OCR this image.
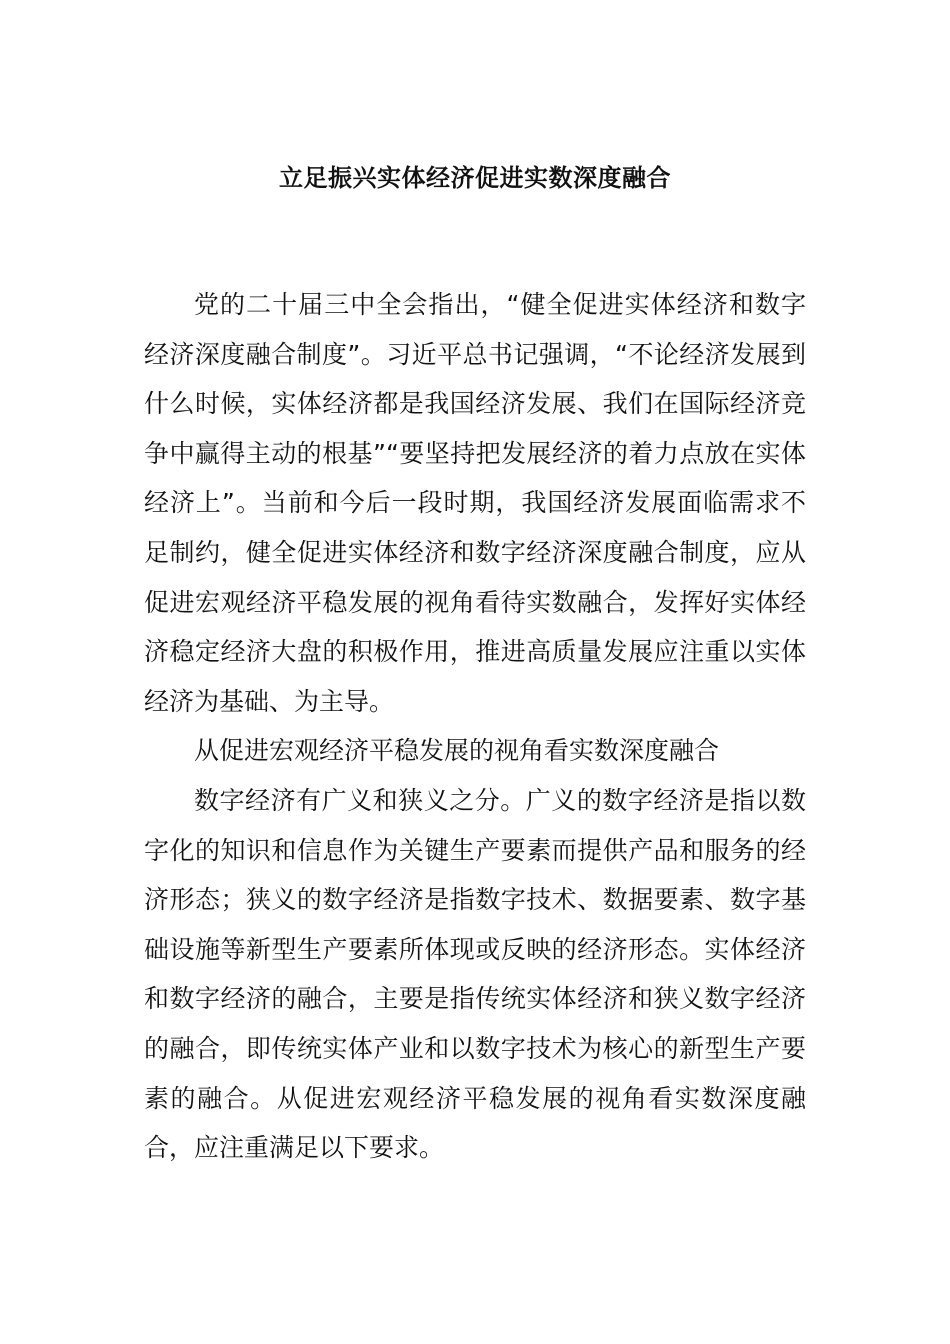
立足振兴实体经济促进实数深度融合

党的二十届三中全会指出，“健全促进实体经济和数字经济深度融合制度”。习近平总书记强调，“不论经济发展到什么时候，实体经济都是我国经济发展、我们在国际经济竞争中赢得主动的根基”“要坚持把发展经济的着力点放在实体经济上”。当前和今后一段时期，我国经济发展面临需求不足制约，健全促进实体经济和数字经济深度融合制度，应从促进宏观经济平稳发展的视角看待实数融合，发挥好实体经济稳定经济大盘的积极作用，推进高质量发展应注重以实体经济为基础、为主导。

从促进宏观经济平稳发展的视角看实数深度融合

数字经济有广义和狭义之分。广义的数字经济是指以数字化的知识和信息作为关键生产要素而提供产品和服务的经济形态；狭义的数字经济是指数字技术、数据要素、数字基础设施等新型生产要素所体现或反映的经济形态。实体经济和数字经济的融合，主要是指传统实体经济和狭义数字经济的融合，即传统实体产业和以数字技术为核心的新型生产要素的融合。从促进宏观经济平稳发展的视角看实数深度融合，应注重满足以下要求。
